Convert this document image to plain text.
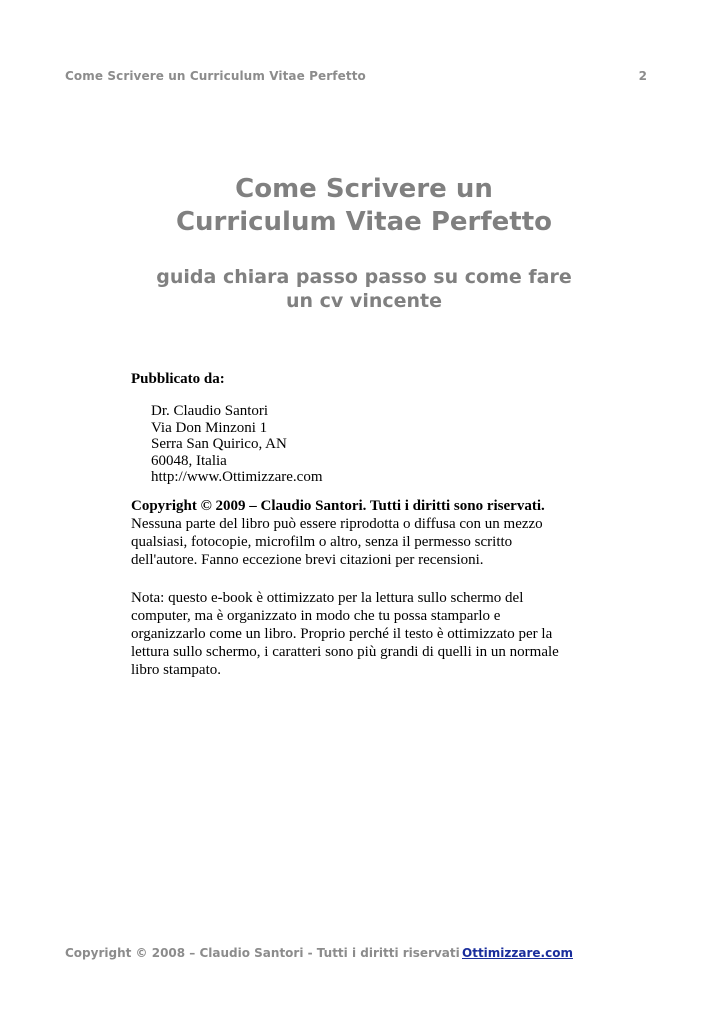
Come Scrivere un Curriculum Vitae Perfetto	2
Come Scrivere un
Curriculum Vitae Perfetto
guida chiara passo passo su come fare
un cv vincente
Pubblicato da:
Dr. Claudio Santori
Via Don Minzoni 1
Serra San Quirico, AN
60048, Italia
http://www.Ottimizzare.com
Copyright © 2009 – Claudio Santori. Tutti i diritti sono riservati.
Nessuna parte del libro può essere riprodotta o diffusa con un mezzo
qualsiasi, fotocopie, microfilm o altro, senza il permesso scritto
dell'autore. Fanno eccezione brevi citazioni per recensioni.
Nota: questo e-book è ottimizzato per la lettura sullo schermo del
computer, ma è organizzato in modo che tu possa stamparlo e
organizzarlo come un libro. Proprio perché il testo è ottimizzato per la
lettura sullo schermo, i caratteri sono più grandi di quelli in un normale
libro stampato.
Copyright © 2008 – Claudio Santori - Tutti i diritti riservati Ottimizzare.com
